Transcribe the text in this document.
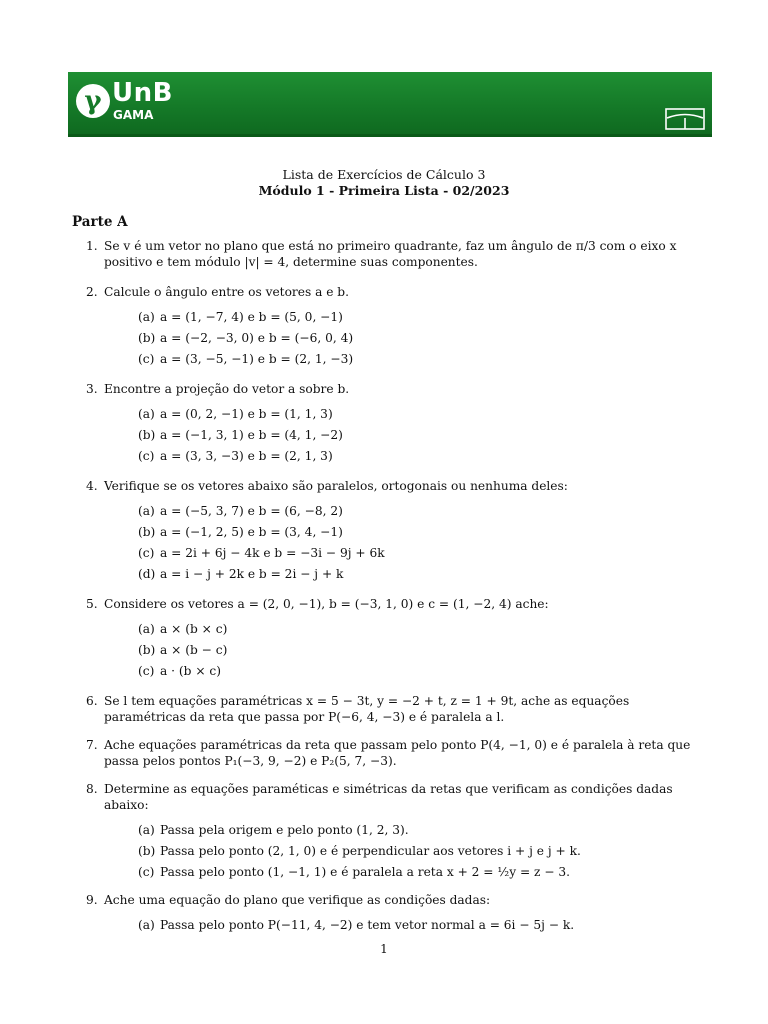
γ UnB
GAMA
Lista de Exercícios de Cálculo 3
Módulo 1 - Primeira Lista - 02/2023
Parte A
1. Se v é um vetor no plano que está no primeiro quadrante, faz um ângulo de π/3 com o eixo x positivo e tem módulo |v| = 4, determine suas componentes.
2. Calcule o ângulo entre os vetores a e b.
(a) a = (1, −7, 4) e b = (5, 0, −1)
(b) a = (−2, −3, 0) e b = (−6, 0, 4)
(c) a = (3, −5, −1) e b = (2, 1, −3)
3. Encontre a projeção do vetor a sobre b.
(a) a = (0, 2, −1) e b = (1, 1, 3)
(b) a = (−1, 3, 1) e b = (4, 1, −2)
(c) a = (3, 3, −3) e b = (2, 1, 3)
4. Verifique se os vetores abaixo são paralelos, ortogonais ou nenhuma deles:
(a) a = (−5, 3, 7) e b = (6, −8, 2)
(b) a = (−1, 2, 5) e b = (3, 4, −1)
(c) a = 2i + 6j − 4k e b = −3i − 9j + 6k
(d) a = i − j + 2k e b = 2i − j + k
5. Considere os vetores a = (2, 0, −1), b = (−3, 1, 0) e c = (1, −2, 4) ache:
(a) a × (b × c)
(b) a × (b − c)
(c) a · (b × c)
6. Se l tem equações paramétricas x = 5 − 3t, y = −2 + t, z = 1 + 9t, ache as equações paramétricas da reta que passa por P(−6, 4, −3) e é paralela a l.
7. Ache equações paramétricas da reta que passam pelo ponto P(4, −1, 0) e é paralela à reta que passa pelos pontos P₁(−3, 9, −2) e P₂(5, 7, −3).
8. Determine as equações paraméticas e simétricas da retas que verificam as condições dadas abaixo:
(a) Passa pela origem e pelo ponto (1, 2, 3).
(b) Passa pelo ponto (2, 1, 0) e é perpendicular aos vetores i + j e j + k.
(c) Passa pelo ponto (1, −1, 1) e é paralela a reta x + 2 = ½y = z − 3.
9. Ache uma equação do plano que verifique as condições dadas:
(a) Passa pelo ponto P(−11, 4, −2) e tem vetor normal a = 6i − 5j − k.
1
